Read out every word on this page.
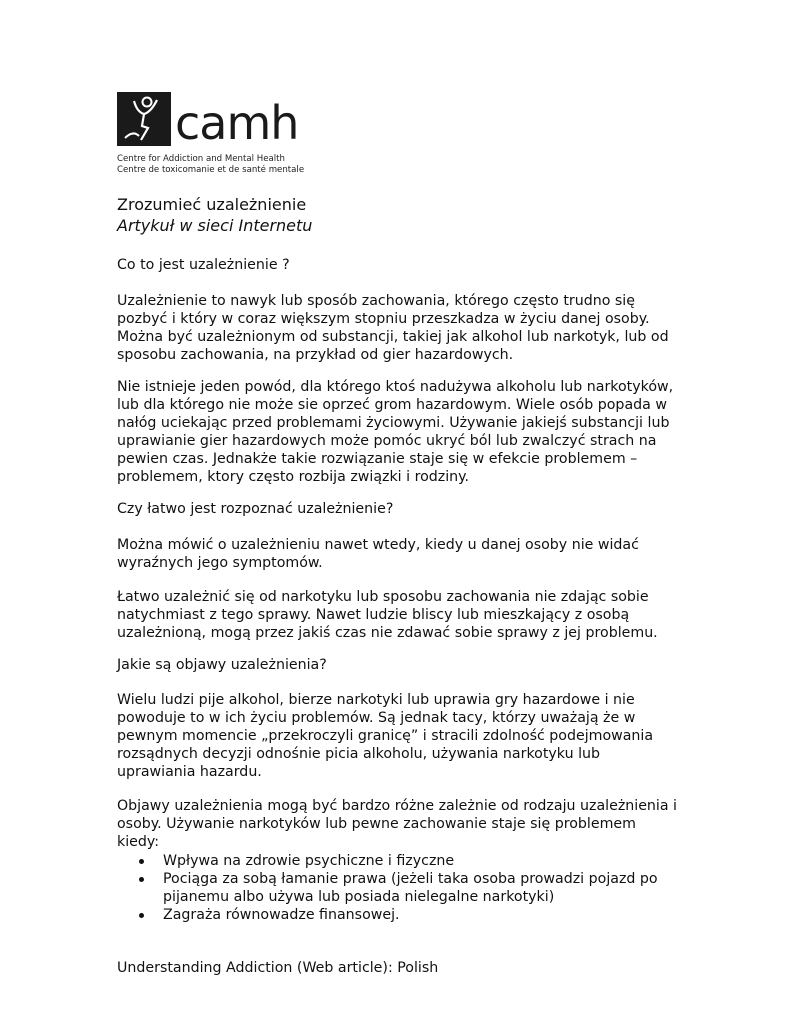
camh
Centre for Addiction and Mental Health
Centre de toxicomanie et de santé mentale
Zrozumieć uzależnienie
Artykuł w sieci Internetu

Co to jest uzależnienie ?

Uzależnienie to nawyk lub sposób zachowania, którego często trudno się pozbyć i który w coraz większym stopniu przeszkadza w życiu danej osoby. Można być uzależnionym od substancji, takiej jak alkohol lub narkotyk, lub od sposobu zachowania, na przykład od gier hazardowych.

Nie istnieje jeden powód, dla którego ktoś nadużywa alkoholu lub narkotyków, lub dla którego nie może sie oprzeć grom hazardowym. Wiele osób popada w nałóg uciekając przed problemami życiowymi. Używanie jakiejś substancji lub uprawianie gier hazardowych może pomóc ukryć ból lub zwalczyć strach na pewien czas. Jednakże takie rozwiązanie staje się w efekcie problemem – problemem, ktory często rozbija związki i rodziny.

Czy łatwo jest rozpoznać uzależnienie?

Można mówić o uzależnieniu nawet wtedy, kiedy u danej osoby nie widać wyraźnych jego symptomów.

Łatwo uzależnić się od narkotyku lub sposobu zachowania nie zdając sobie natychmiast z tego sprawy. Nawet ludzie bliscy lub mieszkający z osobą uzależnioną, mogą przez jakiś czas nie zdawać sobie sprawy z jej problemu.

Jakie są objawy uzależnienia?

Wielu ludzi pije alkohol, bierze narkotyki lub uprawia gry hazardowe i nie powoduje to w ich życiu problemów. Są jednak tacy, którzy uważają że w pewnym momencie „przekroczyli granicę” i stracili zdolność podejmowania rozsądnych decyzji odnośnie picia alkoholu, używania narkotyku lub uprawiania hazardu.

Objawy uzależnienia mogą być bardzo różne zależnie od rodzaju uzależnienia i osoby. Używanie narkotyków lub pewne zachowanie staje się problemem kiedy:

Wpływa na zdrowie psychiczne i fizyczne
Pociąga za sobą łamanie prawa (jeżeli taka osoba prowadzi pojazd po pijanemu albo używa lub posiada nielegalne narkotyki)
Zagraża równowadze finansowej.
Understanding Addiction (Web article): Polish
